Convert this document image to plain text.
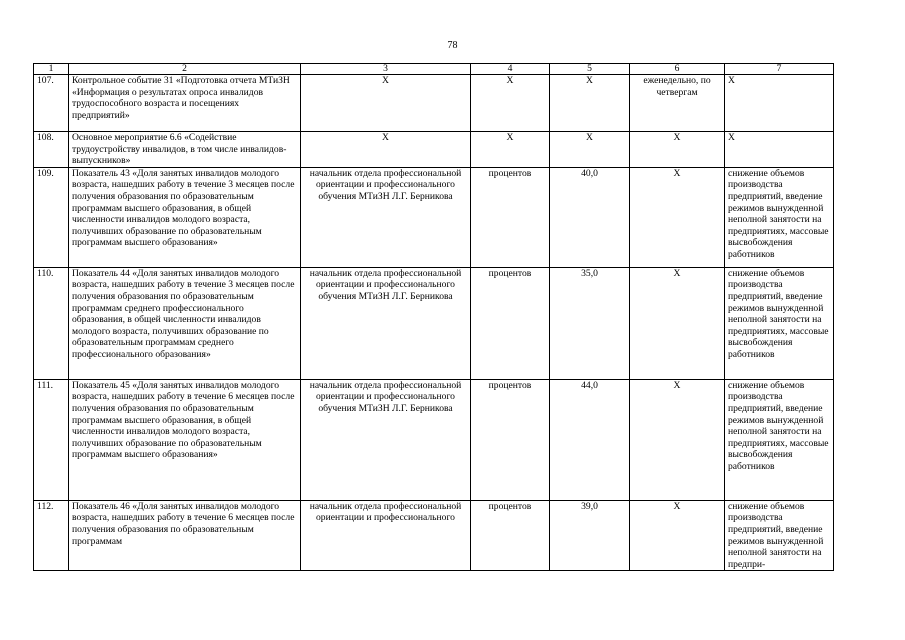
78
1	2	3	4	5	6	7
107.	Контрольное событие 31 «Подготовка отчета МТиЗН «Информация о результатах опроса инвалидов трудоспособного возраста и посещениях предприятий»	Х	Х	Х	еженедельно, по четвергам	Х
108.	Основное мероприятие 6.6 «Содействие трудоустройству инвалидов, в том числе инвалидов-выпускников»	Х	Х	Х	Х	Х
109.	Показатель 43 «Доля занятых инвалидов молодого возраста, нашедших работу в течение 3 месяцев после получения образования по образовательным программам высшего образования, в общей численности инвалидов молодого возраста, получивших образование по образовательным программам высшего образования»	начальник отдела профессиональной ориентации и профессионального обучения МТиЗН Л.Г. Берникова	процентов	40,0	Х	снижение объемов производства предприятий, введение режимов вынужденной неполной занятости на предприятиях, массовые высвобождения работников
110.	Показатель 44 «Доля занятых инвалидов молодого возраста, нашедших работу в течение 3 месяцев после получения образования по образовательным программам среднего профессионального образования, в общей численности инвалидов молодого возраста, получивших образование по образовательным программам среднего профессионального образования»	начальник отдела профессиональной ориентации и профессионального обучения МТиЗН Л.Г. Берникова	процентов	35,0	Х	снижение объемов производства предприятий, введение режимов вынужденной неполной занятости на предприятиях, массовые высвобождения работников
111.	Показатель 45 «Доля занятых инвалидов молодого возраста, нашедших работу в течение 6 месяцев после получения образования по образовательным программам высшего образования, в общей численности инвалидов молодого возраста, получивших образование по образовательным программам высшего образования»	начальник отдела профессиональной ориентации и профессионального обучения МТиЗН Л.Г. Берникова	процентов	44,0	Х	снижение объемов производства предприятий, введение режимов вынужденной неполной занятости на предприятиях, массовые высвобождения работников
112.	Показатель 46 «Доля занятых инвалидов молодого возраста, нашедших работу в течение 6 месяцев после получения образования по образовательным программам	начальник отдела профессиональной ориентации и профессионального	процентов	39,0	Х	снижение объемов производства предприятий, введение режимов вынужденной неполной занятости на предпри-
